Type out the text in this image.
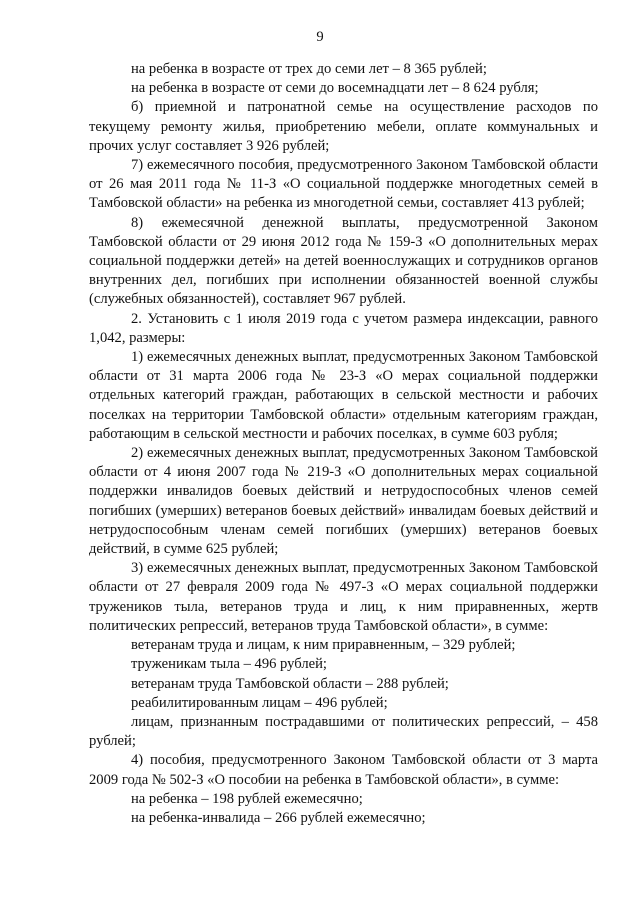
9

на ребенка в возрасте от трех до семи лет – 8 365 рублей;

на ребенка в возрасте от семи до восемнадцати лет – 8 624 рубля;

б) приемной и патронатной семье на осуществление расходов по текущему ремонту жилья, приобретению мебели, оплате коммунальных и прочих услуг составляет 3 926 рублей;

7) ежемесячного пособия, предусмотренного Законом Тамбовской области от 26 мая 2011 года № 11-З «О социальной поддержке многодетных семей в Тамбовской области» на ребенка из многодетной семьи, составляет 413 рублей;

8) ежемесячной денежной выплаты, предусмотренной Законом Тамбовской области от 29 июня 2012 года № 159-З «О дополнительных мерах социальной поддержки детей» на детей военнослужащих и сотрудников органов внутренних дел, погибших при исполнении обязанностей военной службы (служебных обязанностей), составляет 967 рублей.

2. Установить с 1 июля 2019 года с учетом размера индексации, равного 1,042, размеры:

1) ежемесячных денежных выплат, предусмотренных Законом Тамбовской области от 31 марта 2006 года № 23-З «О мерах социальной поддержки отдельных категорий граждан, работающих в сельской местности и рабочих поселках на территории Тамбовской области» отдельным категориям граждан, работающим в сельской местности и рабочих поселках, в сумме 603 рубля;

2) ежемесячных денежных выплат, предусмотренных Законом Тамбовской области от 4 июня 2007 года № 219-З «О дополнительных мерах социальной поддержки инвалидов боевых действий и нетрудоспособных членов семей погибших (умерших) ветеранов боевых действий» инвалидам боевых действий и нетрудоспособным членам семей погибших (умерших) ветеранов боевых действий, в сумме 625 рублей;

3) ежемесячных денежных выплат, предусмотренных Законом Тамбовской области от 27 февраля 2009 года № 497-З «О мерах социальной поддержки тружеников тыла, ветеранов труда и лиц, к ним приравненных, жертв политических репрессий, ветеранов труда Тамбовской области», в сумме:

ветеранам труда и лицам, к ним приравненным, – 329 рублей;

труженикам тыла – 496 рублей;

ветеранам труда Тамбовской области – 288 рублей;

реабилитированным лицам – 496 рублей;

лицам, признанным пострадавшими от политических репрессий, – 458 рублей;

4) пособия, предусмотренного Законом Тамбовской области от 3 марта 2009 года № 502-З «О пособии на ребенка в Тамбовской области», в сумме:

на ребенка – 198 рублей ежемесячно;

на ребенка-инвалида – 266 рублей ежемесячно;
